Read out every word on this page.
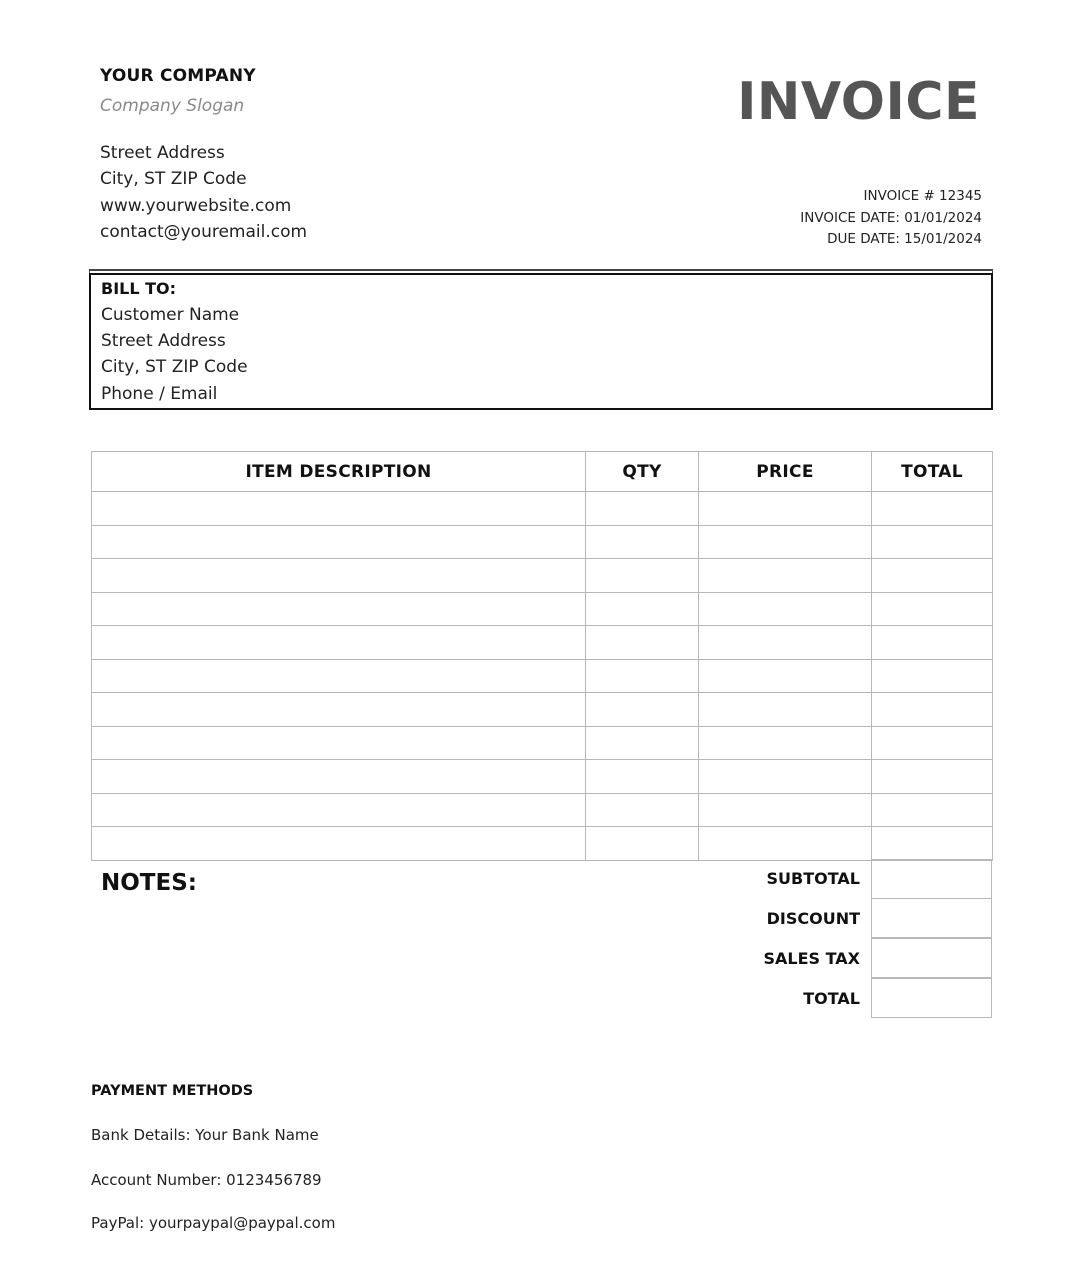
YOUR COMPANY
Company Slogan
Street Address
City, ST ZIP Code
www.yourwebsite.com
contact@youremail.com
INVOICE
INVOICE # 12345
INVOICE DATE: 01/01/2024
DUE DATE: 15/01/2024
BILL TO:
Customer Name
Street Address
City, ST ZIP Code
Phone / Email
ITEM DESCRIPTION	QTY	PRICE	TOTAL

NOTES:	SUBTOTAL
DISCOUNT
SALES TAX
TOTAL
PAYMENT METHODS
Bank Details: Your Bank Name
Account Number: 0123456789
PayPal: yourpaypal@paypal.com
